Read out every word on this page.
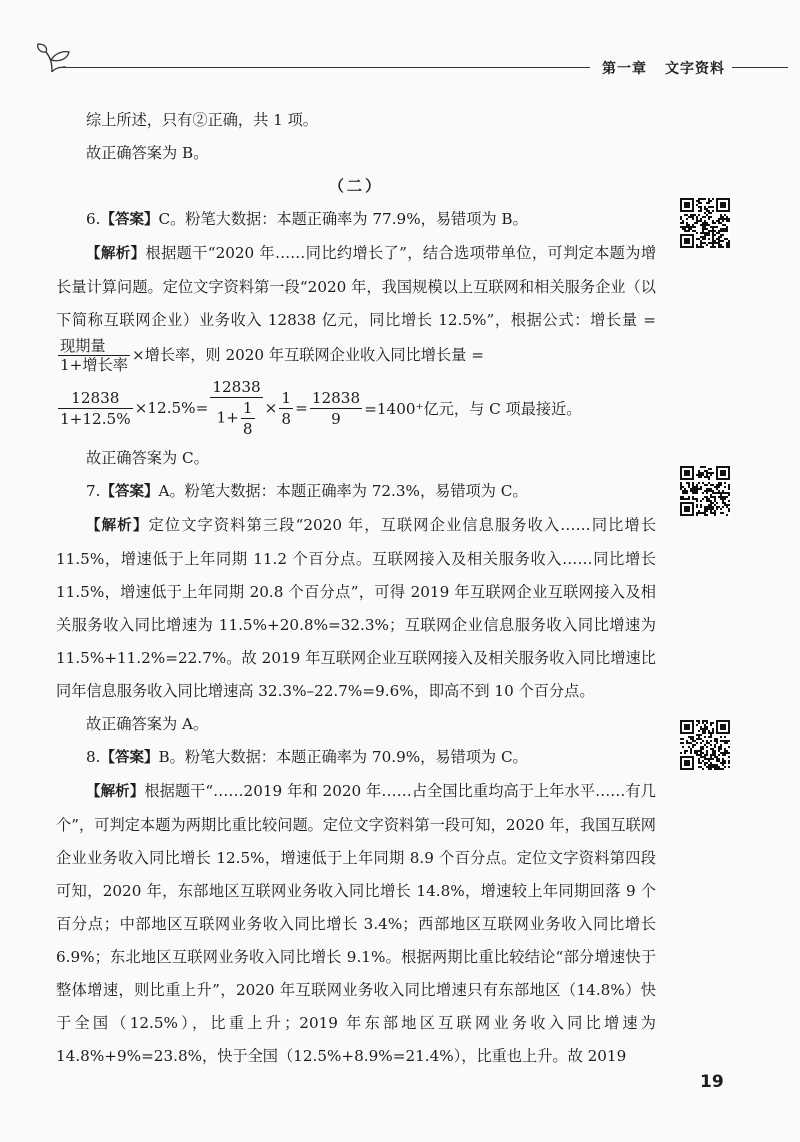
第一章 文字资料

综上所述，只有②正确，共 1 项。

故正确答案为 B。

（二）

6.【答案】C。粉笔大数据：本题正确率为 77.9%，易错项为 B。

【解析】根据题干“2020 年……同比约增长了”，结合选项带单位，可判定本题为增长量计算问题。定位文字资料第一段“2020 年，我国规模以上互联网和相关服务企业（以下简称互联网企业）业务收入 12838 亿元，同比增长 12.5%”，根据公式：增长量 =
$\frac{\text{现期量}}{\text{1+增长率}}$ ×增长率，则 2020 年互联网企业收入同比增长量 =

$\frac{12838}{1+12.5\%} \times 12.5\%= \frac{12838}{1+ \frac{1}{8}} \times \frac{1}{8} = \frac{12838}{9} =1400^+$亿元，与 C 项最接近。

故正确答案为 C。

7.【答案】A。粉笔大数据：本题正确率为 72.3%，易错项为 C。

【解析】定位文字资料第三段“2020 年，互联网企业信息服务收入……同比增长 11.5%，增速低于上年同期 11.2 个百分点。互联网接入及相关服务收入……同比增长 11.5%，增速低于上年同期 20.8 个百分点”，可得 2019 年互联网企业互联网接入及相关服务收入同比增速为 11.5%+20.8%=32.3%；互联网企业信息服务收入同比增速为 11.5%+11.2%=22.7%。故 2019 年互联网企业互联网接入及相关服务收入同比增速比同年信息服务收入同比增速高 32.3%–22.7%=9.6%，即高不到 10 个百分点。

故正确答案为 A。

8.【答案】B。粉笔大数据：本题正确率为 70.9%，易错项为 C。

【解析】根据题干“……2019 年和 2020 年……占全国比重均高于上年水平……有几个”，可判定本题为两期比重比较问题。定位文字资料第一段可知，2020 年，我国互联网企业业务收入同比增长 12.5%，增速低于上年同期 8.9 个百分点。定位文字资料第四段可知，2020 年，东部地区互联网业务收入同比增长 14.8%，增速较上年同期回落 9 个百分点；中部地区互联网业务收入同比增长 3.4%；西部地区互联网业务收入同比增长 6.9%；东北地区互联网业务收入同比增长 9.1%。根据两期比重比较结论“部分增速快于整体增速，则比重上升”，2020 年互联网业务收入同比增速只有东部地区（14.8%）快于全国（12.5%），比重上升；2019 年东部地区互联网业务收入同比增速为 14.8%+9%=23.8%，快于全国（12.5%+8.9%=21.4%），比重也上升。故 2019

19
